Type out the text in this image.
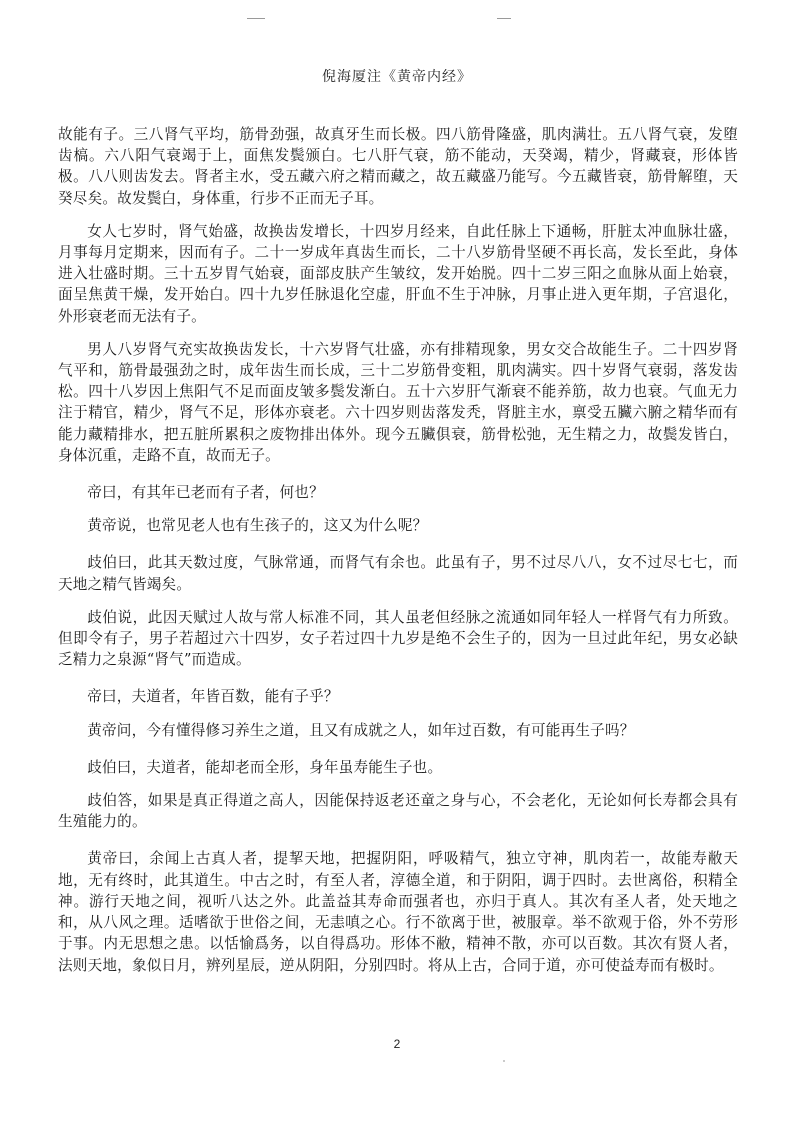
倪海厦注《黄帝内经》

故能有子。三八肾气平均，筋骨劲强，故真牙生而长极。四八筋骨隆盛，肌肉满壮。五八肾气衰，发堕齿槁。六八阳气衰竭于上，面焦发鬓颁白。七八肝气衰，筋不能动，天癸竭，精少，肾藏衰，形体皆极。八八则齿发去。肾者主水，受五藏六府之精而藏之，故五藏盛乃能写。今五藏皆衰，筋骨解堕，天癸尽矣。故发鬓白，身体重，行步不正而无子耳。

女人七岁时，肾气始盛，故换齿发增长，十四岁月经来，自此任脉上下通畅，肝脏太冲血脉壮盛，月事每月定期来，因而有子。二十一岁成年真齿生而长，二十八岁筋骨坚硬不再长高，发长至此，身体进入壮盛时期。三十五岁胃气始衰，面部皮肤产生皱纹，发开始脱。四十二岁三阳之血脉从面上始衰，面呈焦黄干燥，发开始白。四十九岁任脉退化空虚，肝血不生于冲脉，月事止进入更年期，子宫退化，外形衰老而无法有子。

男人八岁肾气充实故换齿发长，十六岁肾气壮盛，亦有排精现象，男女交合故能生子。二十四岁肾气平和，筋骨最强劲之时，成年齿生而长成，三十二岁筋骨变粗，肌肉满实。四十岁肾气衰弱，落发齿松。四十八岁因上焦阳气不足而面皮皱多鬓发渐白。五十六岁肝气渐衰不能养筋，故力也衰。气血无力注于精官，精少，肾气不足，形体亦衰老。六十四岁则齿落发秃，肾脏主水，禀受五臟六腑之精华而有能力藏精排水，把五脏所累积之废物排出体外。现今五臟俱衰，筋骨松弛，无生精之力，故鬓发皆白，身体沉重，走路不直，故而无子。

帝曰，有其年已老而有子者，何也？

黄帝说，也常见老人也有生孩子的，这又为什么呢？

歧伯曰，此其天数过度，气脉常通，而肾气有余也。此虽有子，男不过尽八八，女不过尽七七，而天地之精气皆竭矣。

歧伯说，此因天赋过人故与常人标准不同，其人虽老但经脉之流通如同年轻人一样肾气有力所致。但即令有子，男子若超过六十四岁，女子若过四十九岁是绝不会生子的，因为一旦过此年纪，男女必缺乏精力之泉源“肾气”而造成。

帝曰，夫道者，年皆百数，能有子乎？

黄帝问，今有懂得修习养生之道，且又有成就之人，如年过百数，有可能再生子吗？

歧伯曰，夫道者，能却老而全形，身年虽寿能生子也。

歧伯答，如果是真正得道之高人，因能保持返老还童之身与心，不会老化，无论如何长寿都会具有生殖能力的。

黄帝曰，余闻上古真人者，提挈天地，把握阴阳，呼吸精气，独立守神，肌肉若一，故能寿敝天地，无有终时，此其道生。中古之时，有至人者，淳德全道，和于阴阳，调于四时。去世离俗，积精全神。游行天地之间，视听八达之外。此盖益其寿命而强者也，亦归于真人。其次有圣人者，处天地之和，从八风之理。适嗜欲于世俗之间，无恚嗔之心。行不欲离于世，被服章。举不欲观于俗，外不劳形于事。内无思想之患。以恬愉爲务，以自得爲功。形体不敝，精神不散，亦可以百数。其次有贤人者，法则天地，象似日月，辨列星辰，逆从阴阳，分别四时。将从上古，合同于道，亦可使益寿而有极时。

2
